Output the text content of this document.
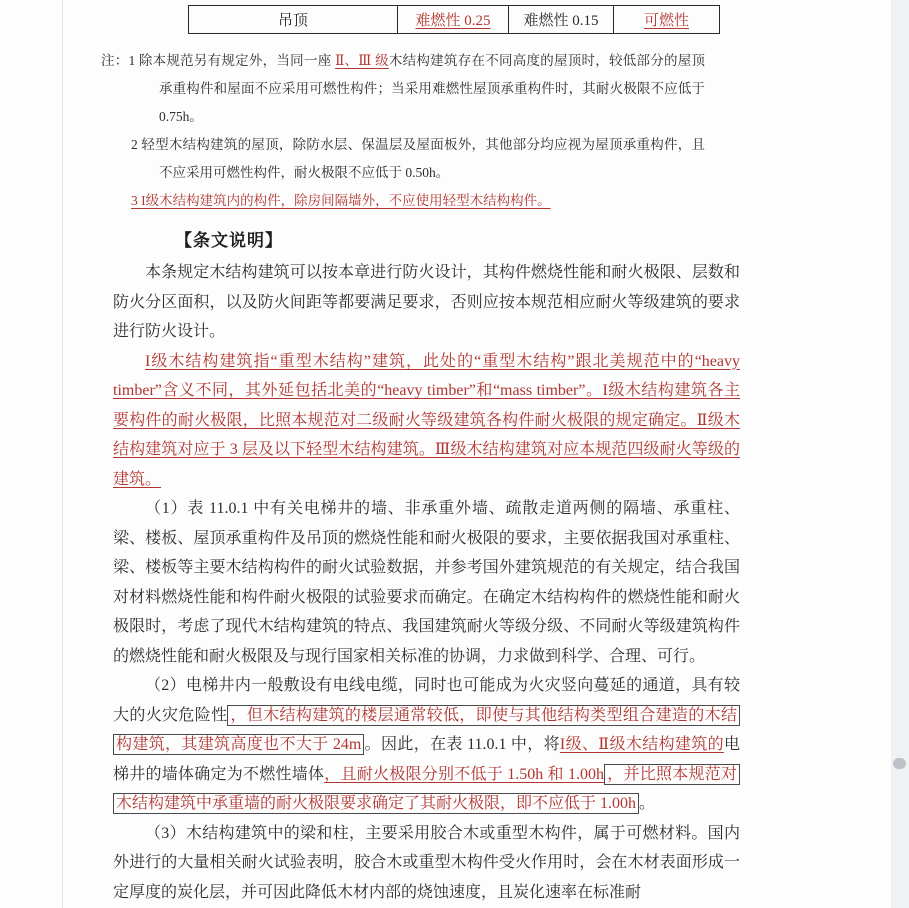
吊顶	难燃性 0.25	难燃性 0.15	可燃性
注：1 除本规范另有规定外，当同一座 Ⅱ、Ⅲ 级木结构建筑存在不同高度的屋顶时，较低部分的屋顶承重构件和屋面不应采用可燃性构件；当采用难燃性屋顶承重构件时，其耐火极限不应低于 0.75h。
2 轻型木结构建筑的屋顶，除防水层、保温层及屋面板外，其他部分均应视为屋顶承重构件，且不应采用可燃性构件，耐火极限不应低于 0.50h。
3 I级木结构建筑内的构件，除房间隔墙外，不应使用轻型木结构构件。
【条文说明】

本条规定木结构建筑可以按本章进行防火设计，其构件燃烧性能和耐火极限、层数和防火分区面积，以及防火间距等都要满足要求，否则应按本规范相应耐火等级建筑的要求进行防火设计。

I级木结构建筑指“重型木结构”建筑，此处的“重型木结构”跟北美规范中的“heavy timber”含义不同，其外延包括北美的“heavy timber”和“mass timber”。I级木结构建筑各主要构件的耐火极限，比照本规范对二级耐火等级建筑各构件耐火极限的规定确定。Ⅱ级木结构建筑对应于 3 层及以下轻型木结构建筑。Ⅲ级木结构建筑对应本规范四级耐火等级的建筑。

（1）表 11.0.1 中有关电梯井的墙、非承重外墙、疏散走道两侧的隔墙、承重柱、梁、楼板、屋顶承重构件及吊顶的燃烧性能和耐火极限的要求，主要依据我国对承重柱、梁、楼板等主要木结构构件的耐火试验数据，并参考国外建筑规范的有关规定，结合我国对材料燃烧性能和构件耐火极限的试验要求而确定。在确定木结构构件的燃烧性能和耐火极限时，考虑了现代木结构建筑的特点、我国建筑耐火等级分级、不同耐火等级建筑构件的燃烧性能和耐火极限及与现行国家相关标准的协调，力求做到科学、合理、可行。

（2）电梯井内一般敷设有电线电缆，同时也可能成为火灾竖向蔓延的通道，具有较大的火灾危险性 ，但木结构建筑的楼层通常较低，即使与其他结构类型组合建造的木结构建筑，其建筑高度也不大于 24m 。因此，在表 11.0.1 中，将I级、Ⅱ级木结构建筑的电梯井的墙体确定为不燃性墙体，且耐火极限分别不低于 1.50h 和 1.00h ，并比照本规范对木结构建筑中承重墙的耐火极限要求确定了其耐火极限，即不应低于 1.00h 。

（3）木结构建筑中的梁和柱，主要采用胶合木或重型木构件，属于可燃材料。国内外进行的大量相关耐火试验表明，胶合木或重型木构件受火作用时，会在木材表面形成一定厚度的炭化层，并可因此降低木材内部的烧蚀速度，且炭化速率在标准耐
